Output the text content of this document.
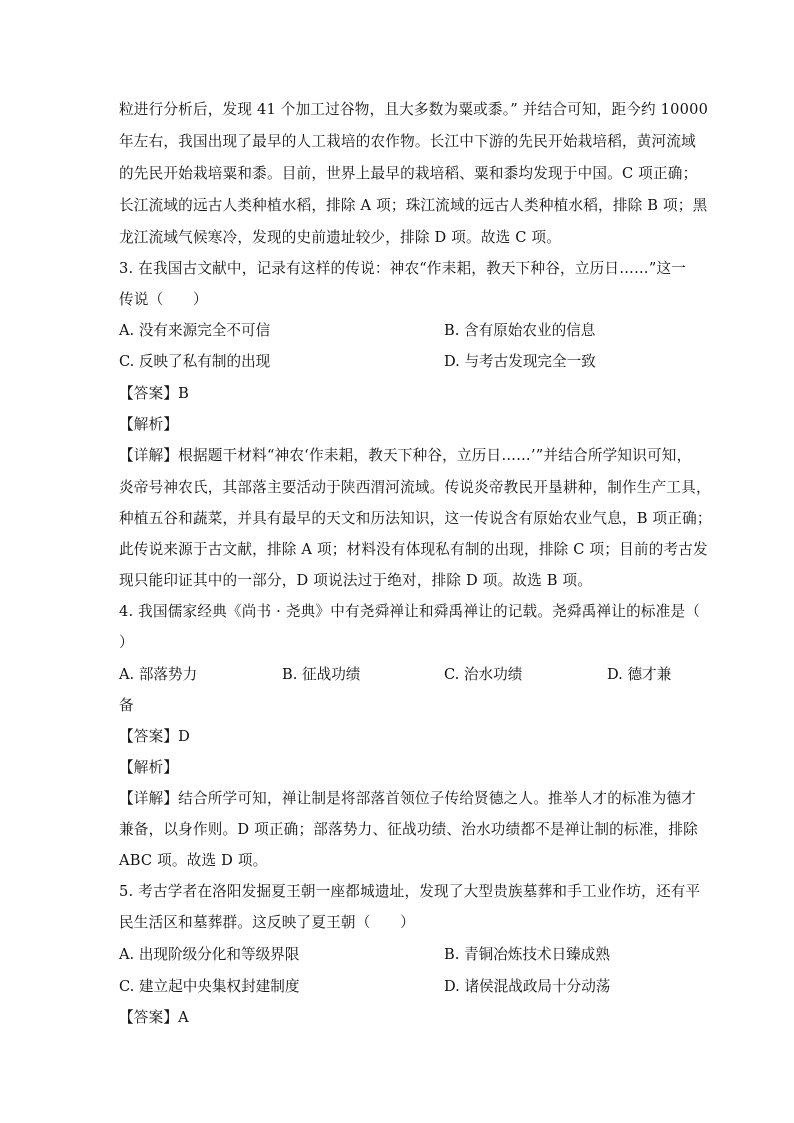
粒进行分析后，发现 41 个加工过谷物，且大多数为粟或黍。” 并结合可知，距今约 10000
年左右，我国出现了最早的人工栽培的农作物。长江中下游的先民开始栽培稻，黄河流域
的先民开始栽培粟和黍。目前，世界上最早的栽培稻、粟和黍均发现于中国。C 项正确；
长江流域的远古人类种植水稻，排除 A 项；珠江流域的远古人类种植水稻，排除 B 项；黑
龙江流域气候寒冷，发现的史前遗址较少，排除 D 项。故选 C 项。
3. 在我国古文献中，记录有这样的传说：神农“作耒耜，教天下种谷，立历日……”这一
传说（　　）
A. 没有来源完全不可信	B. 含有原始农业的信息
C. 反映了私有制的出现	D. 与考古发现完全一致
【答案】B
【解析】
【详解】根据题干材料“神农‘作耒耜，教天下种谷，立历日……’”并结合所学知识可知，
炎帝号神农氏，其部落主要活动于陕西渭河流域。传说炎帝教民开垦耕种，制作生产工具，
种植五谷和蔬菜，并具有最早的天文和历法知识，这一传说含有原始农业气息，B 项正确；
此传说来源于古文献，排除 A 项；材料没有体现私有制的出现，排除 C 项；目前的考古发
现只能印证其中的一部分，D 项说法过于绝对，排除 D 项。故选 B 项。
4. 我国儒家经典《尚书 · 尧典》中有尧舜禅让和舜禹禅让的记载。尧舜禹禅让的标准是（
）
A. 部落势力	B. 征战功绩	C. 治水功绩	D. 德才兼
备
【答案】D
【解析】
【详解】结合所学可知，禅让制是将部落首领位子传给贤德之人。推举人才的标准为德才
兼备，以身作则。D 项正确；部落势力、征战功绩、治水功绩都不是禅让制的标准，排除
ABC 项。故选 D 项。
5. 考古学者在洛阳发掘夏王朝一座都城遗址，发现了大型贵族墓葬和手工业作坊，还有平
民生活区和墓葬群。这反映了夏王朝（　　）
A. 出现阶级分化和等级界限	B. 青铜冶炼技术日臻成熟
C. 建立起中央集权封建制度	D. 诸侯混战政局十分动荡
【答案】A
